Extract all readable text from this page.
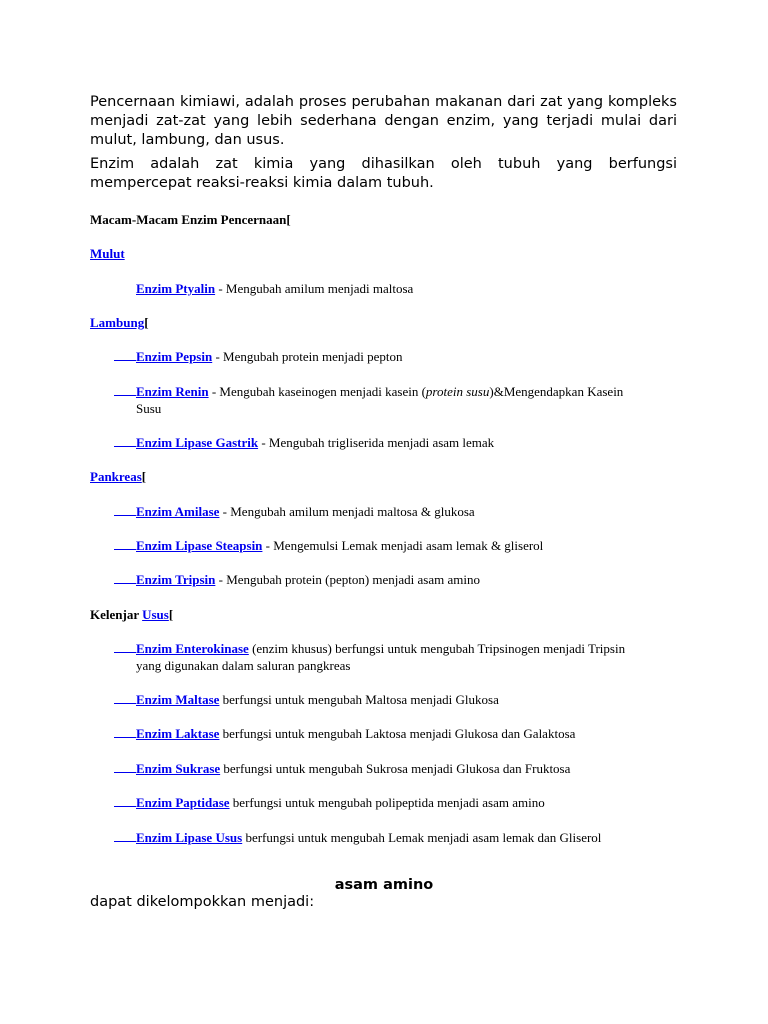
Pencernaan kimiawi, adalah proses perubahan makanan dari zat yang kompleks menjadi zat-zat yang lebih sederhana dengan enzim, yang terjadi mulai dari mulut, lambung, dan usus.

Enzim adalah zat kimia yang dihasilkan oleh tubuh yang berfungsi mempercepat reaksi-reaksi kimia dalam tubuh.

Macam-Macam Enzim Pencernaan[

Mulut

Enzim Ptyalin - Mengubah amilum menjadi maltosa

Lambung[

Enzim Pepsin - Mengubah protein menjadi pepton

Enzim Renin - Mengubah kaseinogen menjadi kasein (protein susu)&Mengendapkan Kasein
Susu

Enzim Lipase Gastrik - Mengubah trigliserida menjadi asam lemak

Pankreas[

Enzim Amilase - Mengubah amilum menjadi maltosa & glukosa

Enzim Lipase Steapsin - Mengemulsi Lemak menjadi asam lemak & gliserol

Enzim Tripsin - Mengubah protein (pepton) menjadi asam amino

Kelenjar Usus[

Enzim Enterokinase (enzim khusus) berfungsi untuk mengubah Tripsinogen menjadi Tripsin
yang digunakan dalam saluran pangkreas

Enzim Maltase berfungsi untuk mengubah Maltosa menjadi Glukosa

Enzim Laktase berfungsi untuk mengubah Laktosa menjadi Glukosa dan Galaktosa

Enzim Sukrase berfungsi untuk mengubah Sukrosa menjadi Glukosa dan Fruktosa

Enzim Paptidase berfungsi untuk mengubah polipeptida menjadi asam amino

Enzim Lipase Usus berfungsi untuk mengubah Lemak menjadi asam lemak dan Gliserol

asam amino

dapat dikelompokkan menjadi:
